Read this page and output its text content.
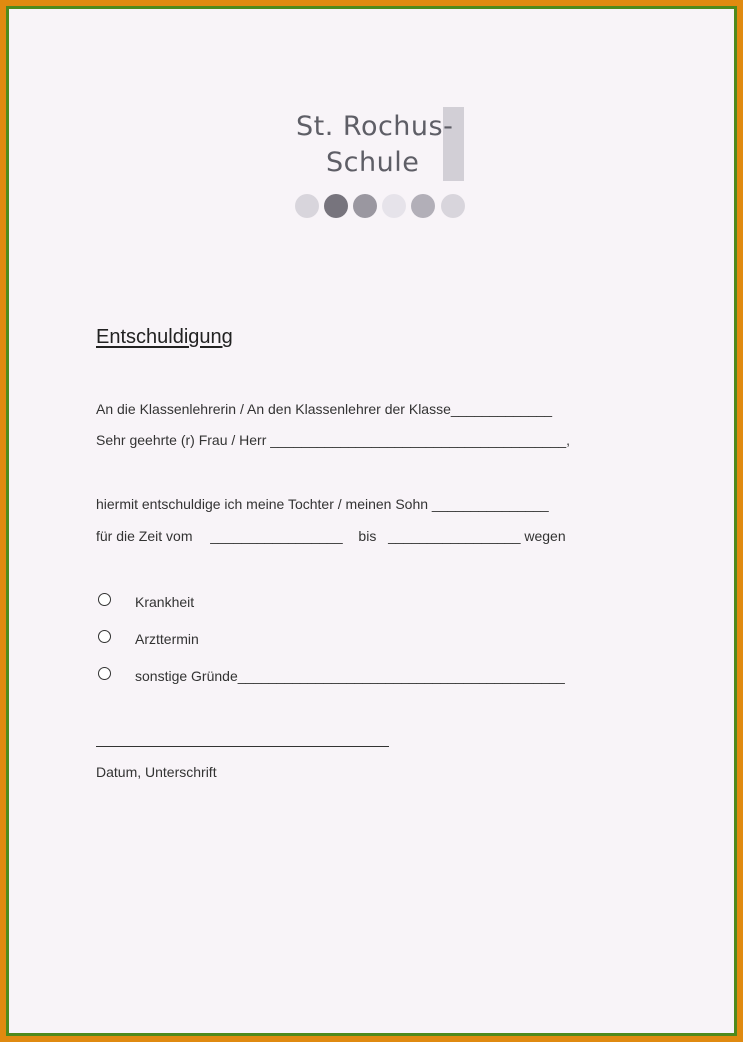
St. Rochus-
Schule
Entschuldigung
An die Klassenlehrerin / An den Klassenlehrer der Klasse_____________
Sehr geehrte (r) Frau / Herr ______________________________________,
hiermit entschuldige ich meine Tochter / meinen Sohn _______________
für die Zeit vom _________________ bis _________________ wegen
Krankheit
Arzttermin
sonstige Gründe__________________________________________
Datum, Unterschrift
